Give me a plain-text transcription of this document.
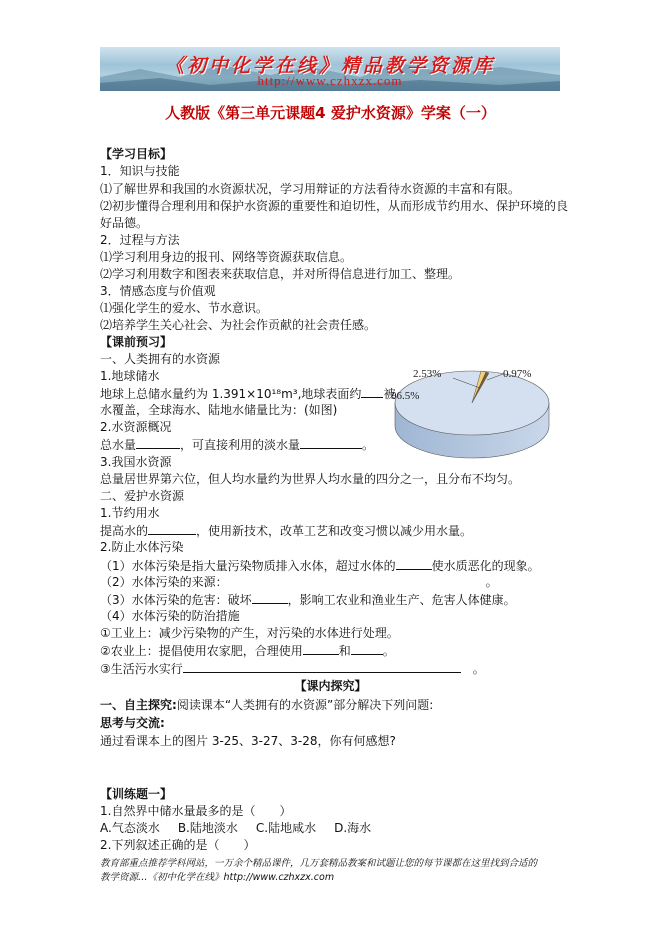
《初中化学在线》精品教学资源库
http://www.czhxzx.com
人教版《第三单元课题4 爱护水资源》学案（一）
【学习目标】
1．知识与技能
⑴了解世界和我国的水资源状况，学习用辩证的方法看待水资源的丰富和有限。
⑵初步懂得合理利用和保护水资源的重要性和迫切性，从而形成节约用水、保护环境的良
好品德。
2．过程与方法
⑴学习利用身边的报刊、网络等资源获取信息。
⑵学习利用数字和图表来获取信息，并对所得信息进行加工、整理。
3．情感态度与价值观
⑴强化学生的爱水、节水意识。
⑵培养学生关心社会、为社会作贡献的社会责任感。
【课前预习】
一、人类拥有的水资源
1.地球储水
地球上总储水量约为 1.391×10¹⁸m³,地球表面约 被
水覆盖，全球海水、陆地水储量比为：(如图)
2.水资源概况
总水量	，可直接利用的淡水量	。
3.我国水资源
总量居世界第六位，但人均水量约为世界人均水量的四分之一，且分布不均匀。
二、爱护水资源
1.节约用水
提高水的	，使用新技术，改革工艺和改变习惯以减少用水量。
2.防止水体污染
（1）水体污染是指大量污染物质排入水体，超过水体的	使水质恶化的现象。
（2）水体污染的来源：	。
（3）水体污染的危害：破坏	，影响工农业和渔业生产、危害人体健康。
（4）水体污染的防治措施
①工业上：减少污染物的产生，对污染的水体进行处理。
②农业上：提倡使用农家肥，合理使用	和	。
③生活污水实行	。
96.5%
2.53%	0.97%
【课内探究】
一、自主探究:阅读课本“人类拥有的水资源”部分解决下列问题:
思考与交流:
通过看课本上的图片 3-25、3-27、3-28，你有何感想?
【训练题一】
1.自然界中储水量最多的是（　　）
A.气态淡水 B.陆地淡水 C.陆地咸水 D.海水
2.下列叙述正确的是（　　）
教育部重点推荐学科网站，一万余个精品课件，几万套精品教案和试题让您的每节课都在这里找到合适的
教学资源…《初中化学在线》http://www.czhxzx.com
